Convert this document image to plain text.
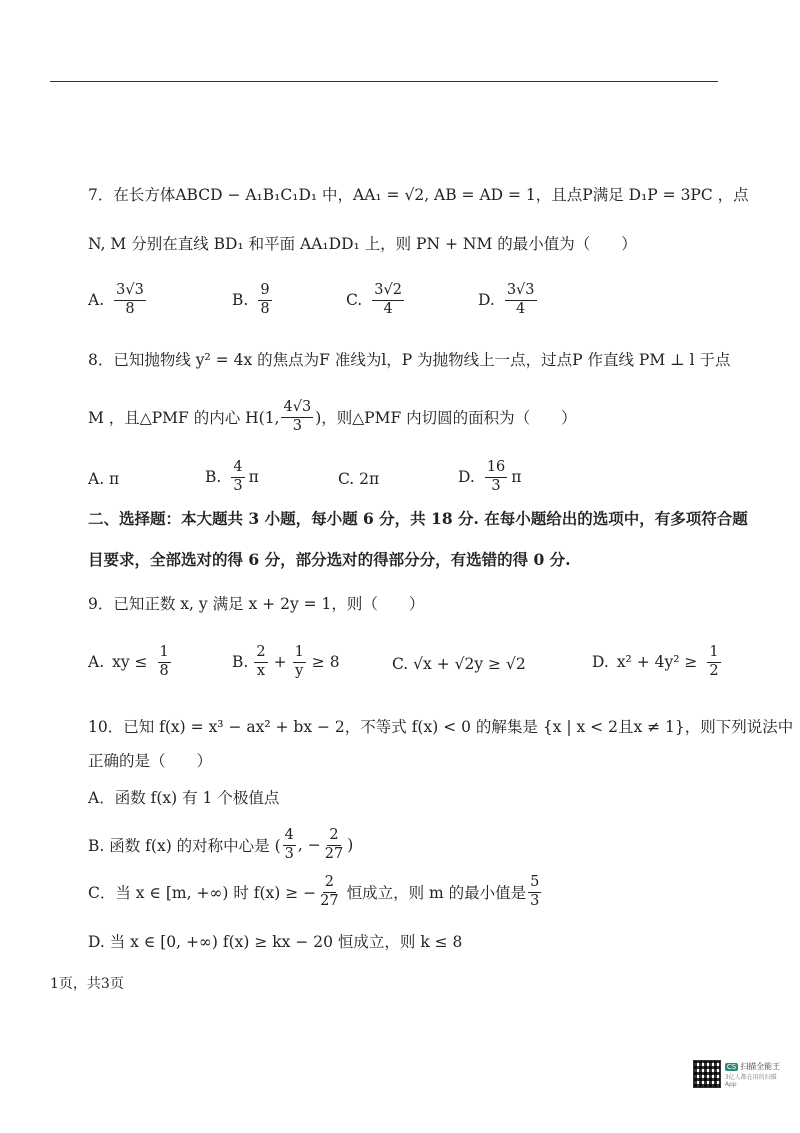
7．在长方体ABCD − A₁B₁C₁D₁ 中，AA₁ = √2, AB = AD = 1，且点P满足 D₁P = 3PC ，点
N, M 分别在直线 BD₁ 和平面 AA₁DD₁ 上，则 PN + NM 的最小值为（　　）
A. $\frac{3√3}{8}$	B. $\frac{9}{8}$	C. $\frac{3√2}{4}$	D. $\frac{3√3}{4}$
8．已知抛物线 y² = 4x 的焦点为F 准线为l，P 为抛物线上一点，过点P 作直线 PM ⊥ l 于点
M ，且△PMF 的内心 H(1, $\frac{4√3}{3}$ )，则△PMF 内切圆的面积为（　　）
A. π	B. $\frac{4}{3}$ π	C. 2π	D. $\frac{16}{3}$ π
二、选择题：本大题共 3 小题，每小题 6 分，共 18 分. 在每小题给出的选项中，有多项符合题
目要求，全部选对的得 6 分，部分选对的得部分分，有选错的得 0 分.
9．已知正数 x, y 满足 x + 2y = 1，则（　　）
A. xy ≤ $\frac{1}{8}$	B. $\frac{2}{x} + \frac{1}{y} \ge 8$	C. √x + √2y ≥ √2	D. $x^2 + 4y^2 \ge \frac{1}{2}$
10．已知 f(x) = x³ − ax² + bx − 2，不等式 f(x) < 0 的解集是 {x | x < 2且x ≠ 1}，则下列说法中
正确的是（　　）
A．函数 f(x) 有 1 个极值点
B. 函数 f(x) 的对称中心是 ( $\frac{4}{3}$ , − $\frac{2}{27}$ )
C．当 x ∈ [m, +∞) 时 f(x) ≥ − $\frac{2}{27}$ 恒成立，则 m 的最小值是 $\frac{5}{3}$
D. 当 x ∈ [0, +∞) f(x) ≥ kx − 20 恒成立，则 k ≤ 8
1页，共3页
CS 扫描全能王
3亿人都在用的扫描App
